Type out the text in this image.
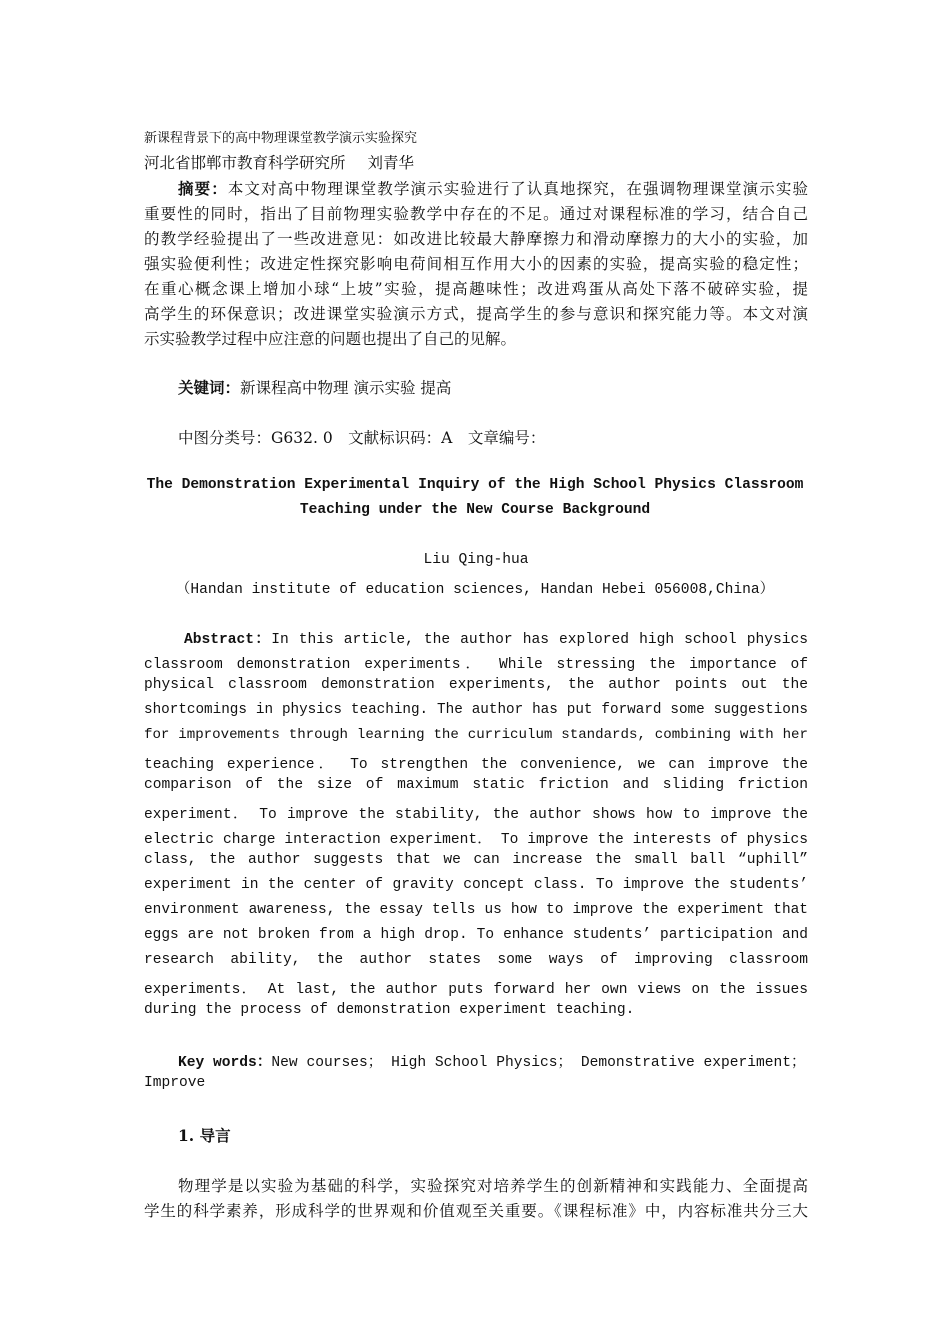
新课程背景下的高中物理课堂教学演示实验探究
河北省邯郸市教育科学研究所 刘青华
摘要：本文对高中物理课堂教学演示实验进行了认真地探究，在强调物理课堂演示实验
重要性的同时，指出了目前物理实验教学中存在的不足。通过对课程标准的学习，结合自己
的教学经验提出了一些改进意见：如改进比较最大静摩擦力和滑动摩擦力的大小的实验，加
强实验便利性；改进定性探究影响电荷间相互作用大小的因素的实验，提高实验的稳定性；
在重心概念课上增加小球“上坡”实验，提高趣味性；改进鸡蛋从高处下落不破碎实验，提
高学生的环保意识；改进课堂实验演示方式，提高学生的参与意识和探究能力等。本文对演
示实验教学过程中应注意的问题也提出了自己的见解。
关键词：新课程高中物理 演示实验 提高
中图分类号：G632. 0　文献标识码：A　文章编号：
The Demonstration Experimental Inquiry of the High School Physics Classroom
Teaching under the New Course Background
Liu Qing-hua
（Handan institute of education sciences, Handan Hebei 056008,China）
Abstract：In this article, the author has explored high school physics
classroom demonstration experiments． While stressing the importance of
physical classroom demonstration experiments, the author points out the
shortcomings in physics teaching. The author has put forward some suggestions
for improvements through learning the curriculum standards, combining with her
teaching experience． To strengthen the convenience, we can improve the
comparison of the size of maximum static friction and sliding friction
experiment． To improve the stability, the author shows how to improve the
electric charge interaction experiment． To improve the interests of physics
class, the author suggests that we can increase the small ball “uphill”
experiment in the center of gravity concept class. To improve the students’
environment awareness, the essay tells us how to improve the experiment that
eggs are not broken from a high drop. To enhance students’ participation and
research ability, the author states some ways of improving classroom
experiments． At last, the author puts forward her own views on the issues
during the process of demonstration experiment teaching.
Key words：New courses； High School Physics； Demonstrative experiment；
Improve
1. 导言
物理学是以实验为基础的科学，实验探究对培养学生的创新精神和实践能力、全面提高
学生的科学素养，形成科学的世界观和价值观至关重要。《课程标准》中，内容标准共分三大
